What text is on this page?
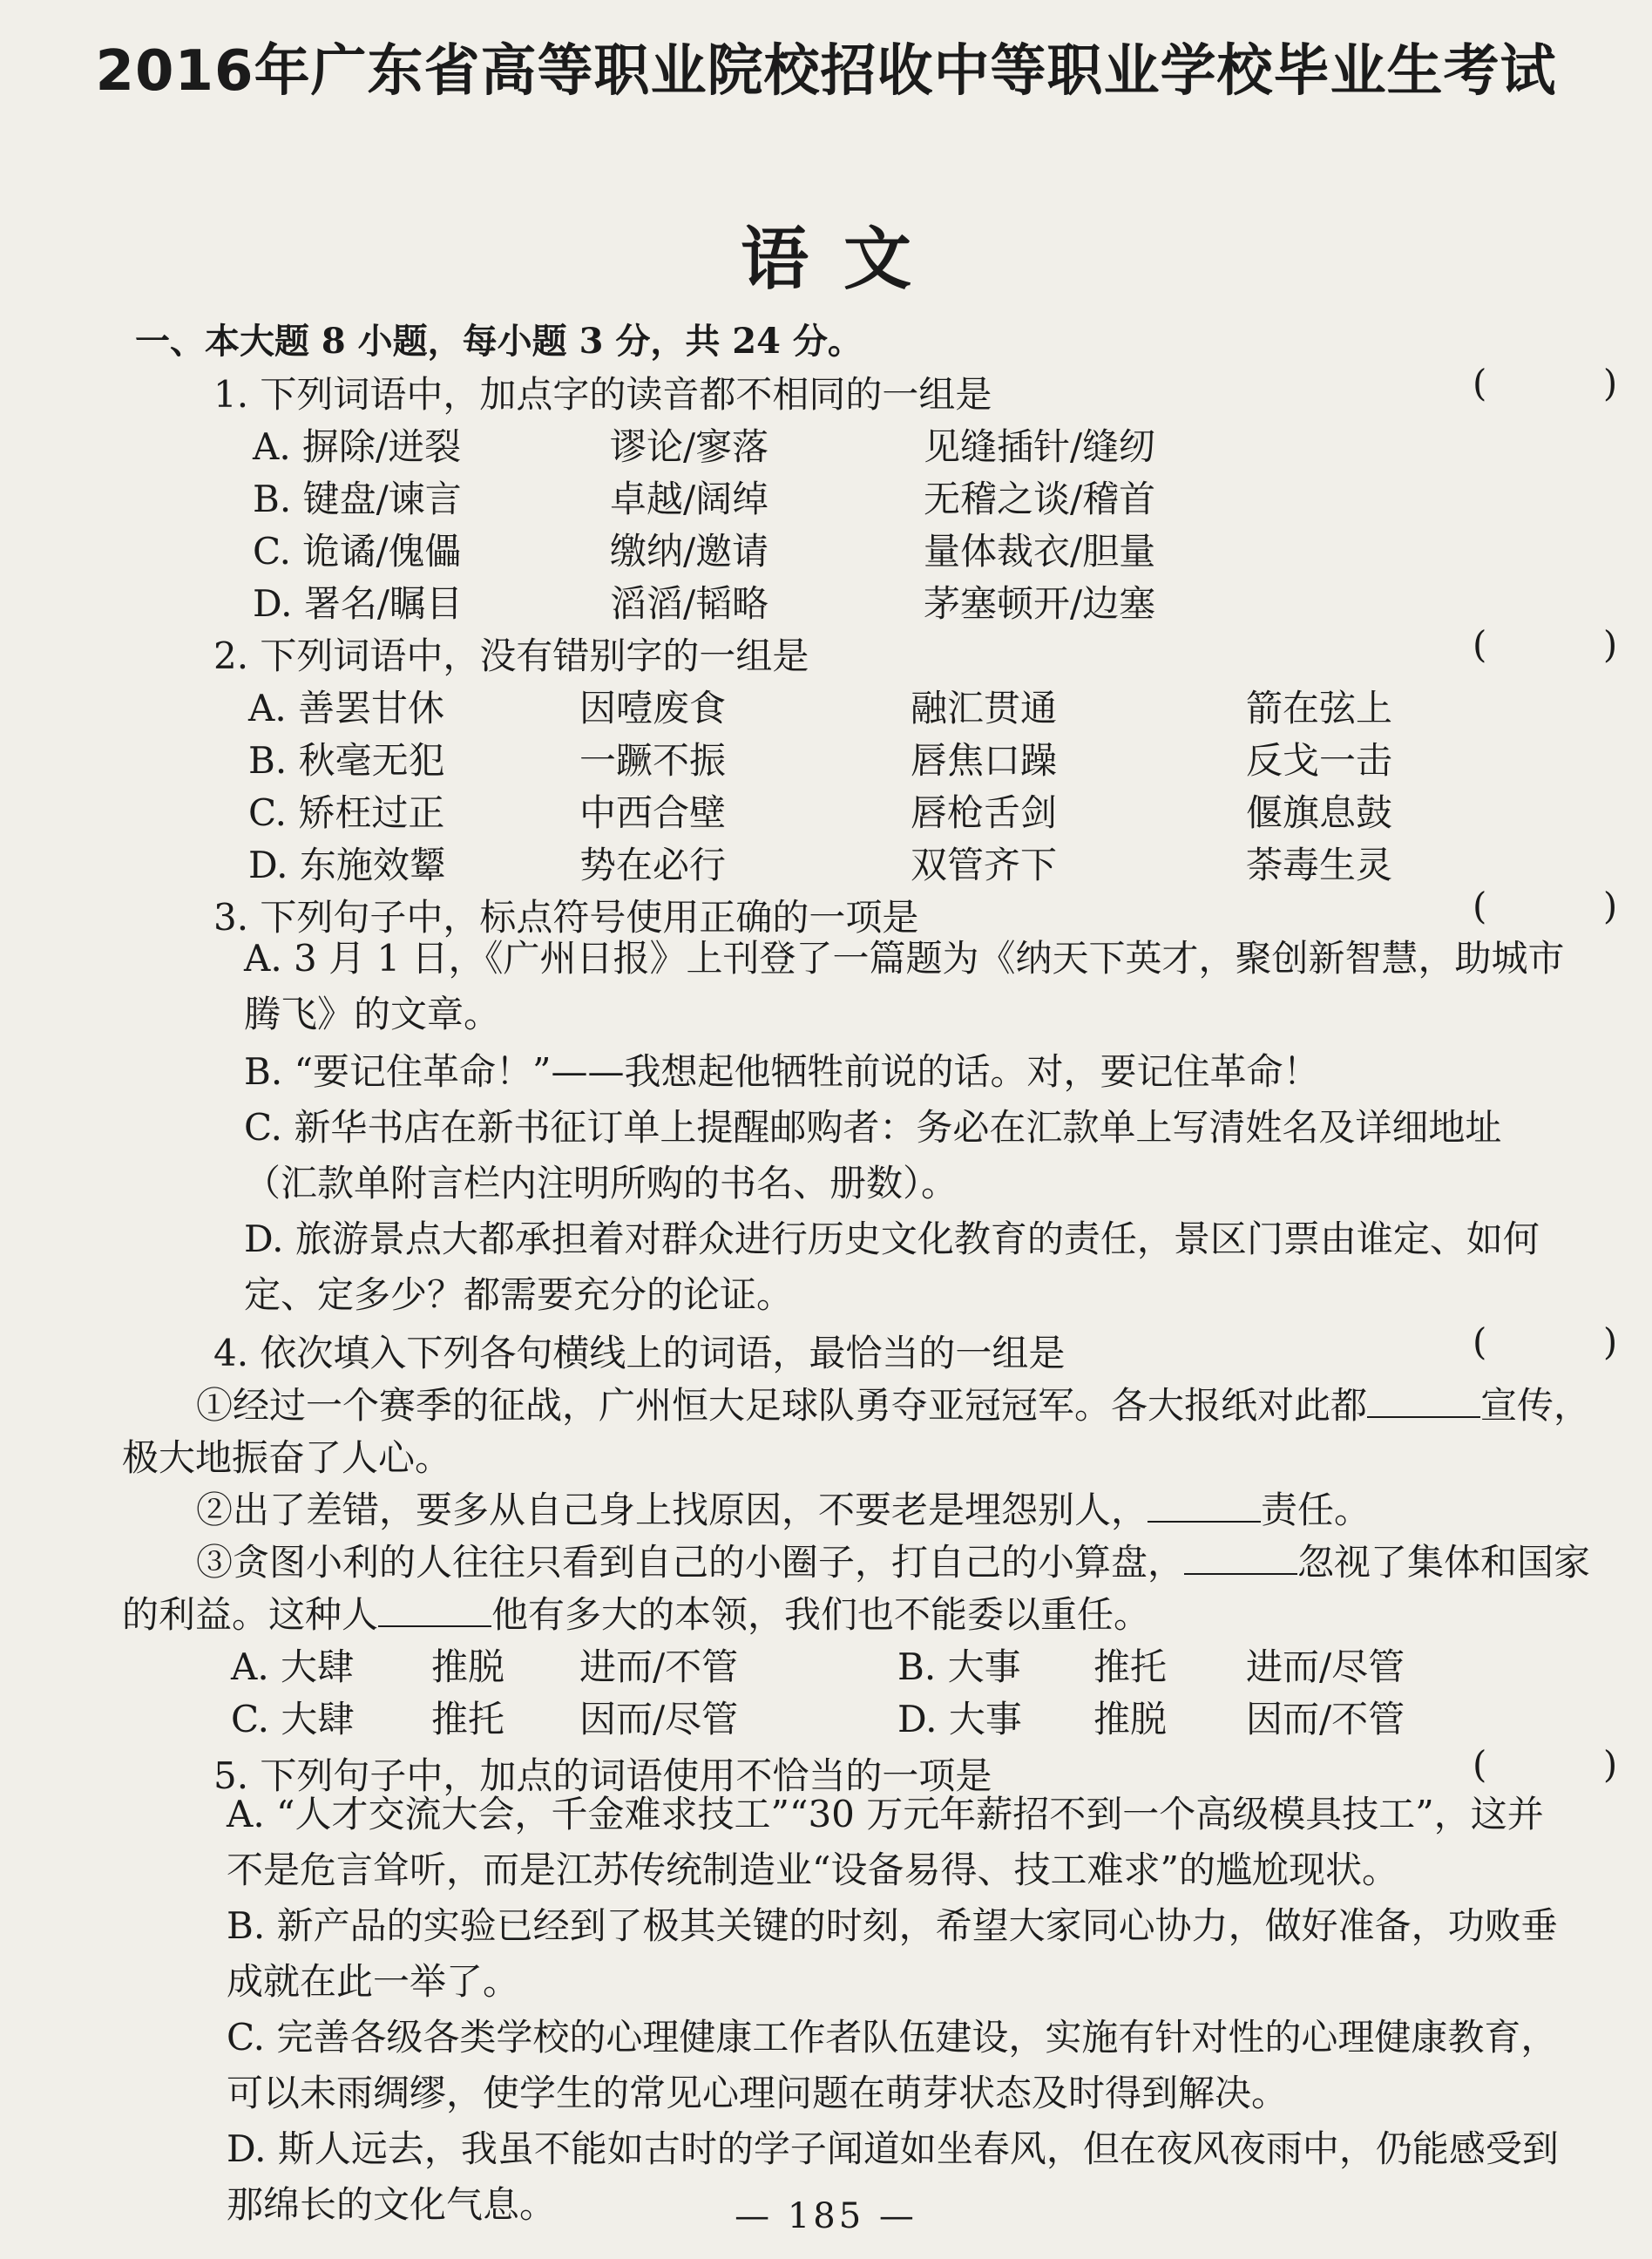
2016年广东省高等职业院校招收中等职业学校毕业生考试
语文
一、本大题 8 小题，每小题 3 分，共 24 分。
1. 下列词语中，加点字的读音都不相同的一组是	(          )
A. 摒除/迸裂	谬论/寥落	见缝插针/缝纫
B. 键盘/谏言	卓越/阔绰	无稽之谈/稽首
C. 诡谲/傀儡	缴纳/邀请	量体裁衣/胆量
D. 署名/瞩目	滔滔/韬略	茅塞顿开/边塞
2. 下列词语中，没有错别字的一组是	(          )
A. 善罢甘休	因噎废食	融汇贯通	箭在弦上
B. 秋毫无犯	一蹶不振	唇焦口躁	反戈一击
C. 矫枉过正	中西合壁	唇枪舌剑	偃旗息鼓
D. 东施效颦	势在必行	双管齐下	荼毒生灵
3. 下列句子中，标点符号使用正确的一项是	(          )
A. 3 月 1 日，《广州日报》上刊登了一篇题为《纳天下英才，聚创新智慧，助城市腾飞》的文章。
B. “要记住革命！”——我想起他牺牲前说的话。对，要记住革命！
C. 新华书店在新书征订单上提醒邮购者：务必在汇款单上写清姓名及详细地址（汇款单附言栏内注明所购的书名、册数）。
D. 旅游景点大都承担着对群众进行历史文化教育的责任，景区门票由谁定、如何定、定多少？都需要充分的论证。
4. 依次填入下列各句横线上的词语，最恰当的一组是	(          )
①经过一个赛季的征战，广州恒大足球队勇夺亚冠冠军。各大报纸对此都	宣传，
极大地振奋了人心。
②出了差错，要多从自己身上找原因，不要老是埋怨别人，	责任。
③贪图小利的人往往只看到自己的小圈子，打自己的小算盘，	忽视了集体和国家
的利益。这种人	他有多大的本领，我们也不能委以重任。
A. 大肆 推脱 进而/不管	B. 大事 推托 进而/尽管
C. 大肆 推托 因而/尽管	D. 大事 推脱 因而/不管
5. 下列句子中，加点的词语使用不恰当的一项是	(          )
A. “人才交流大会，千金难求技工”“30 万元年薪招不到一个高级模具技工”，这并不是危言耸听，而是江苏传统制造业“设备易得、技工难求”的尴尬现状。
B. 新产品的实验已经到了极其关键的时刻，希望大家同心协力，做好准备，功败垂成就在此一举了。
C. 完善各级各类学校的心理健康工作者队伍建设，实施有针对性的心理健康教育，可以未雨绸缪，使学生的常见心理问题在萌芽状态及时得到解决。
D. 斯人远去，我虽不能如古时的学子闻道如坐春风，但在夜风夜雨中，仍能感受到那绵长的文化气息。	— 185 —
